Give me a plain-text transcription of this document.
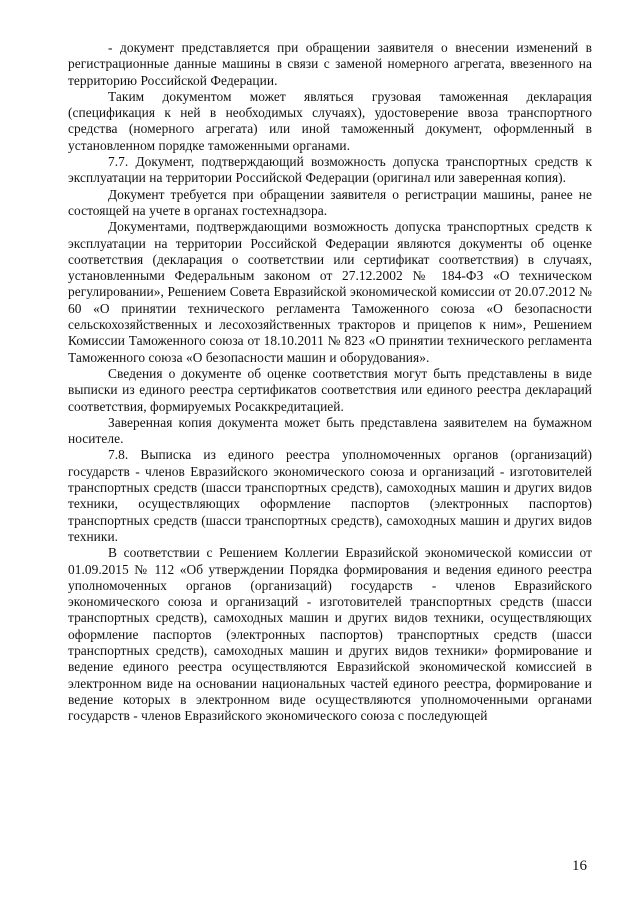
- документ представляется при обращении заявителя о внесении изменений в регистрационные данные машины в связи с заменой номерного агрегата, ввезенного на территорию Российской Федерации.

Таким документом может являться грузовая таможенная декларация (спецификация к ней в необходимых случаях), удостоверение ввоза транспортного средства (номерного агрегата) или иной таможенный документ, оформленный в установленном порядке таможенными органами.

7.7. Документ, подтверждающий возможность допуска транспортных средств к эксплуатации на территории Российской Федерации (оригинал или заверенная копия).

Документ требуется при обращении заявителя о регистрации машины, ранее не состоящей на учете в органах гостехнадзора.

Документами, подтверждающими возможность допуска транспортных средств к эксплуатации на территории Российской Федерации являются документы об оценке соответствия (декларация о соответствии или сертификат соответствия) в случаях, установленными Федеральным законом от 27.12.2002 № 184-ФЗ «О техническом регулировании», Решением Совета Евразийской экономической комиссии от 20.07.2012 № 60 «О принятии технического регламента Таможенного союза «О безопасности сельскохозяйственных и лесохозяйственных тракторов и прицепов к ним», Решением Комиссии Таможенного союза от 18.10.2011 № 823 «О принятии технического регламента Таможенного союза «О безопасности машин и оборудования».

Сведения о документе об оценке соответствия могут быть представлены в виде выписки из единого реестра сертификатов соответствия или единого реестра деклараций соответствия, формируемых Росаккредитацией.

Заверенная копия документа может быть представлена заявителем на бумажном носителе.

7.8. Выписка из единого реестра уполномоченных органов (организаций) государств - членов Евразийского экономического союза и организаций - изготовителей транспортных средств (шасси транспортных средств), самоходных машин и других видов техники, осуществляющих оформление паспортов (электронных паспортов) транспортных средств (шасси транспортных средств), самоходных машин и других видов техники.

В соответствии с Решением Коллегии Евразийской экономической комиссии от 01.09.2015 № 112 «Об утверждении Порядка формирования и ведения единого реестра уполномоченных органов (организаций) государств - членов Евразийского экономического союза и организаций - изготовителей транспортных средств (шасси транспортных средств), самоходных машин и других видов техники, осуществляющих оформление паспортов (электронных паспортов) транспортных средств (шасси транспортных средств), самоходных машин и других видов техники» формирование и ведение единого реестра осуществляются Евразийской экономической комиссией в электронном виде на основании национальных частей единого реестра, формирование и ведение которых в электронном виде осуществляются уполномоченными органами государств - членов Евразийского экономического союза с последующей

16
